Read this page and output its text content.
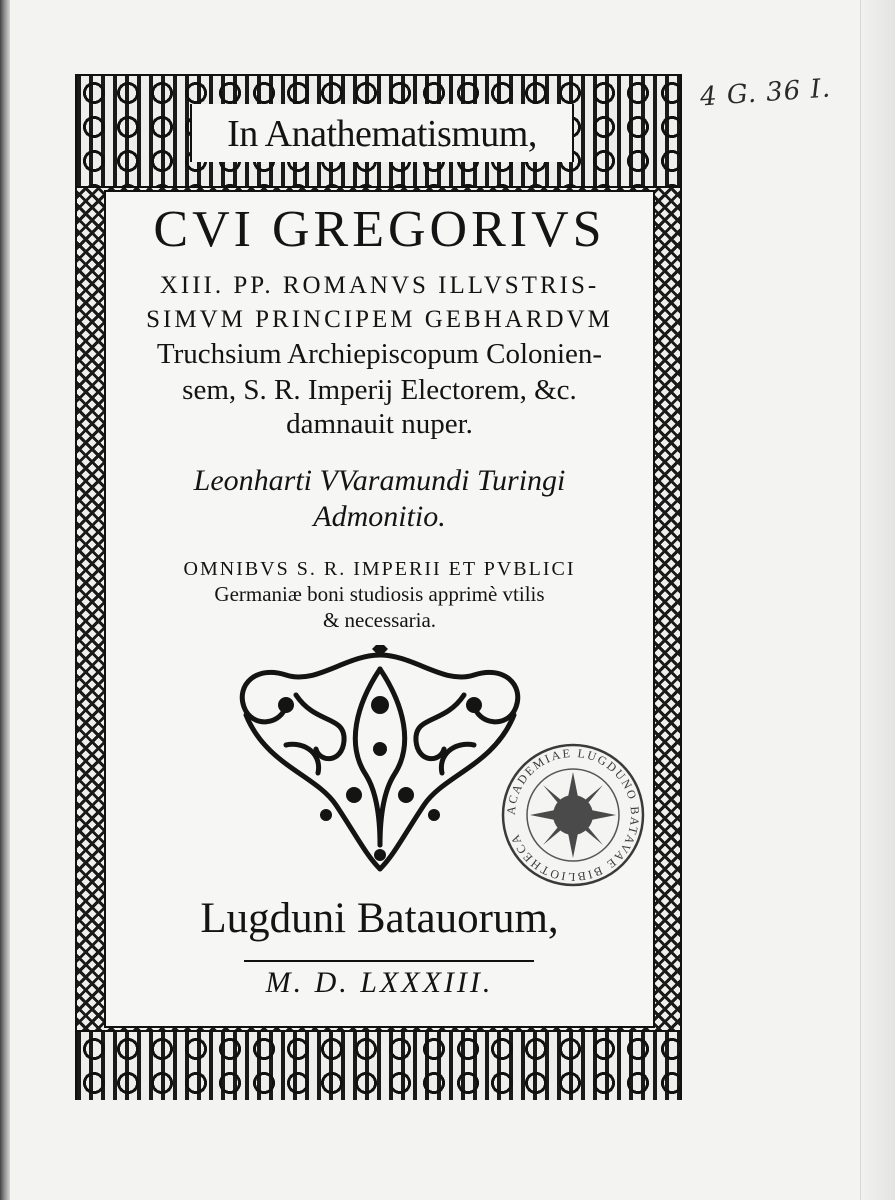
4 G. 36 I.
In Anathematismum,
CVI GREGORIVS
XIII. PP. ROMANVS ILLVSTRIS-
SIMVM PRINCIPEM GEBHARDVM
Truchsium Archiepiscopum Colonien-
sem, S. R. Imperij Electorem, &c.
damnauit nuper.
Leonharti VVaramundi Turingi
Admonitio.
OMNIBVS S. R. IMPERII ET PVBLICI
Germaniæ boni studiosis apprimè vtilis
& necessaria.
Lugduni Batauorum,
M. D. LXXXIII.
ACADEMIAE LUGDUNO BATAVAE BIBLIOTHECA
